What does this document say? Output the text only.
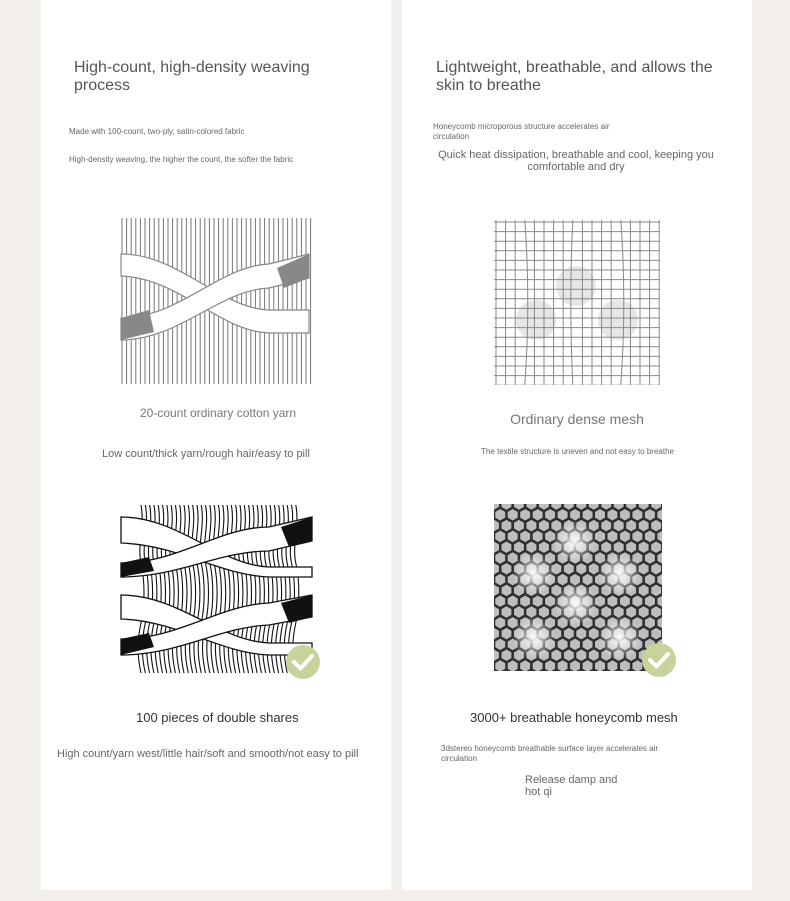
High-count, high-density weaving process

Made with 100-count, two-ply, satin-colored fabric

High-density weaving, the higher the count, the softer the fabric

20-count ordinary cotton yarn

Low count/thick yarn/rough hair/easy to pill

100 pieces of double shares

High count/yarn west/little hair/soft and smooth/not easy to pill

Lightweight, breathable, and allows the skin to breathe

Honeycomb microporous structure accelerates air circulation

Quick heat dissipation, breathable and cool, keeping you comfortable and dry

Ordinary dense mesh

The textile structure is uneven and not easy to breathe

3000+ breathable honeycomb mesh

3dstereo honeycomb breathable surface layer accelerates air circulation

Release damp and hot qi
